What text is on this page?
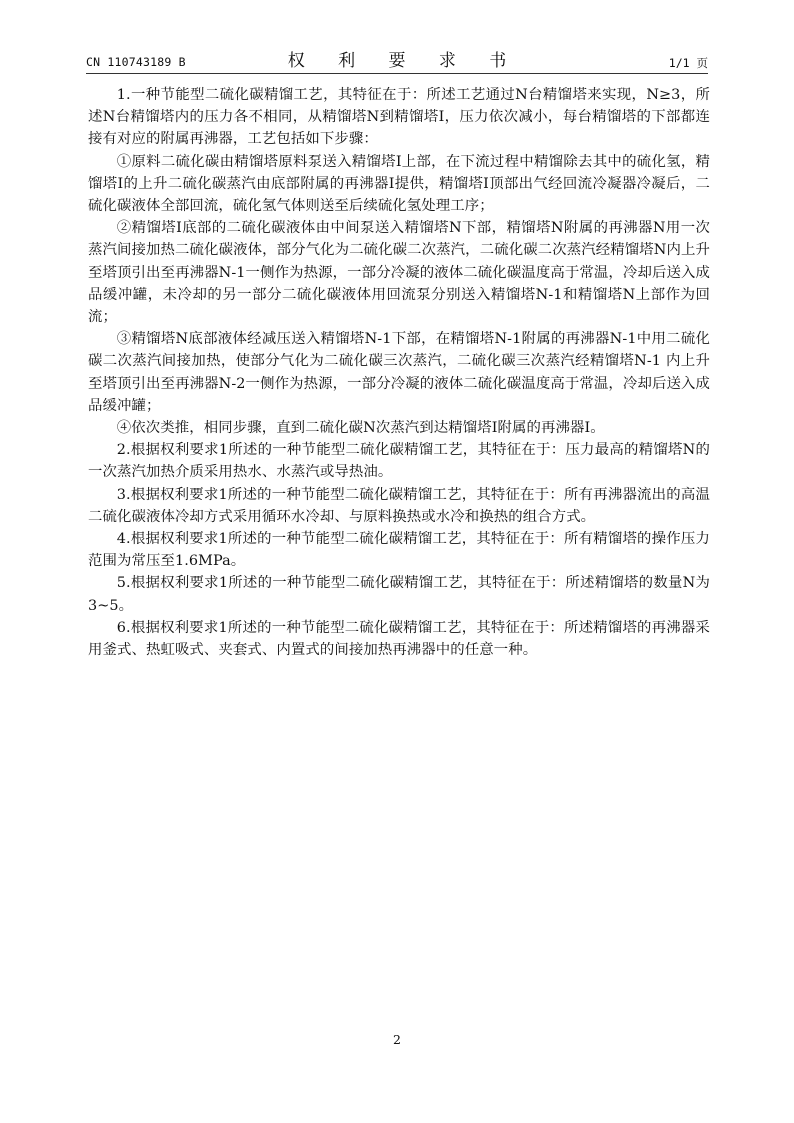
CN 110743189 B	权 利 要 求 书	1/1 页

1.一种节能型二硫化碳精馏工艺，其特征在于：所述工艺通过N台精馏塔来实现，N≥3，所述N台精馏塔内的压力各不相同，从精馏塔N到精馏塔I，压力依次减小，每台精馏塔的下部都连接有对应的附属再沸器，工艺包括如下步骤：

①原料二硫化碳由精馏塔原料泵送入精馏塔I上部，在下流过程中精馏除去其中的硫化氢，精馏塔I的上升二硫化碳蒸汽由底部附属的再沸器I提供，精馏塔I顶部出气经回流冷凝器冷凝后，二硫化碳液体全部回流，硫化氢气体则送至后续硫化氢处理工序；

②精馏塔I底部的二硫化碳液体由中间泵送入精馏塔N下部，精馏塔N附属的再沸器N用一次蒸汽间接加热二硫化碳液体，部分气化为二硫化碳二次蒸汽，二硫化碳二次蒸汽经精馏塔N内上升至塔顶引出至再沸器N-1一侧作为热源，一部分冷凝的液体二硫化碳温度高于常温，冷却后送入成品缓冲罐，未冷却的另一部分二硫化碳液体用回流泵分别送入精馏塔N-1和精馏塔N上部作为回流；

③精馏塔N底部液体经减压送入精馏塔N-1下部，在精馏塔N-1附属的再沸器N-1中用二硫化碳二次蒸汽间接加热，使部分气化为二硫化碳三次蒸汽，二硫化碳三次蒸汽经精馏塔N-1 内上升至塔顶引出至再沸器N-2一侧作为热源，一部分冷凝的液体二硫化碳温度高于常温，冷却后送入成品缓冲罐；

④依次类推，相同步骤，直到二硫化碳N次蒸汽到达精馏塔I附属的再沸器I。

2.根据权利要求1所述的一种节能型二硫化碳精馏工艺，其特征在于：压力最高的精馏塔N的一次蒸汽加热介质采用热水、水蒸汽或导热油。

3.根据权利要求1所述的一种节能型二硫化碳精馏工艺，其特征在于：所有再沸器流出的高温二硫化碳液体冷却方式采用循环水冷却、与原料换热或水冷和换热的组合方式。

4.根据权利要求1所述的一种节能型二硫化碳精馏工艺，其特征在于：所有精馏塔的操作压力范围为常压至1.6MPa。

5.根据权利要求1所述的一种节能型二硫化碳精馏工艺，其特征在于：所述精馏塔的数量N为3~5。

6.根据权利要求1所述的一种节能型二硫化碳精馏工艺，其特征在于：所述精馏塔的再沸器采用釜式、热虹吸式、夹套式、内置式的间接加热再沸器中的任意一种。

2
